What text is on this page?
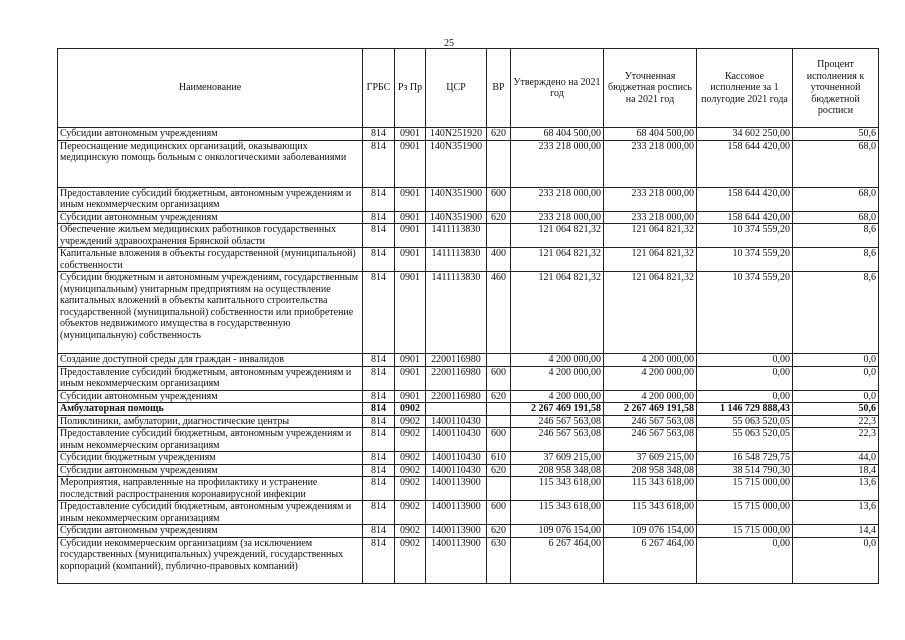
25
Наименование	ГРБС	Рз Пр	ЦСР	ВР	Утверждено на 2021 год	Уточненная бюджетная роспись на 2021 год	Кассовое исполнение за 1 полугодие 2021 года	Процент исполнения к уточненной бюджетной росписи
Субсидии автономным учреждениям	814	0901	140N251920	620	68 404 500,00	68 404 500,00	34 602 250,00	50,6
Переоснащение медицинских организаций, оказывающих медицинскую помощь больным с онкологическими заболеваниями	814	0901	140N351900		233 218 000,00	233 218 000,00	158 644 420,00	68,0
Предоставление субсидий бюджетным, автономным учреждениям и иным некоммерческим организациям	814	0901	140N351900	600	233 218 000,00	233 218 000,00	158 644 420,00	68,0
Субсидии автономным учреждениям	814	0901	140N351900	620	233 218 000,00	233 218 000,00	158 644 420,00	68,0
Обеспечение жильем медицинских работников государственных учреждений здравоохранения Брянской области	814	0901	1411113830		121 064 821,32	121 064 821,32	10 374 559,20	8,6
Капитальные вложения в объекты государственной (муниципальной) собственности	814	0901	1411113830	400	121 064 821,32	121 064 821,32	10 374 559,20	8,6
Субсидии бюджетным и автономным учреждениям, государственным (муниципальным) унитарным предприятиям на осуществление капитальных вложений в объекты капитального строительства государственной (муниципальной) собственности или приобретение объектов недвижимого имущества в государственную (муниципальную) собственность	814	0901	1411113830	460	121 064 821,32	121 064 821,32	10 374 559,20	8,6
Создание доступной среды для граждан - инвалидов	814	0901	2200116980		4 200 000,00	4 200 000,00	0,00	0,0
Предоставление субсидий бюджетным, автономным учреждениям и иным некоммерческим организациям	814	0901	2200116980	600	4 200 000,00	4 200 000,00	0,00	0,0
Субсидии автономным учреждениям	814	0901	2200116980	620	4 200 000,00	4 200 000,00	0,00	0,0
Амбулаторная помощь	814	0902			2 267 469 191,58	2 267 469 191,58	1 146 729 888,43	50,6
Поликлиники, амбулатории, диагностические центры	814	0902	1400110430		246 567 563,08	246 567 563,08	55 063 520,05	22,3
Предоставление субсидий бюджетным, автономным учреждениям и иным некоммерческим организациям	814	0902	1400110430	600	246 567 563,08	246 567 563,08	55 063 520,05	22,3
Субсидии бюджетным учреждениям	814	0902	1400110430	610	37 609 215,00	37 609 215,00	16 548 729,75	44,0
Субсидии автономным учреждениям	814	0902	1400110430	620	208 958 348,08	208 958 348,08	38 514 790,30	18,4
Мероприятия, направленные на профилактику и устранение последствий распространения коронавирусной инфекции	814	0902	1400113900		115 343 618,00	115 343 618,00	15 715 000,00	13,6
Предоставление субсидий бюджетным, автономным учреждениям и иным некоммерческим организациям	814	0902	1400113900	600	115 343 618,00	115 343 618,00	15 715 000,00	13,6
Субсидии автономным учреждениям	814	0902	1400113900	620	109 076 154,00	109 076 154,00	15 715 000,00	14,4
Субсидии некоммерческим организациям (за исключением государственных (муниципальных) учреждений, государственных корпораций (компаний), публично-правовых компаний)	814	0902	1400113900	630	6 267 464,00	6 267 464,00	0,00	0,0
